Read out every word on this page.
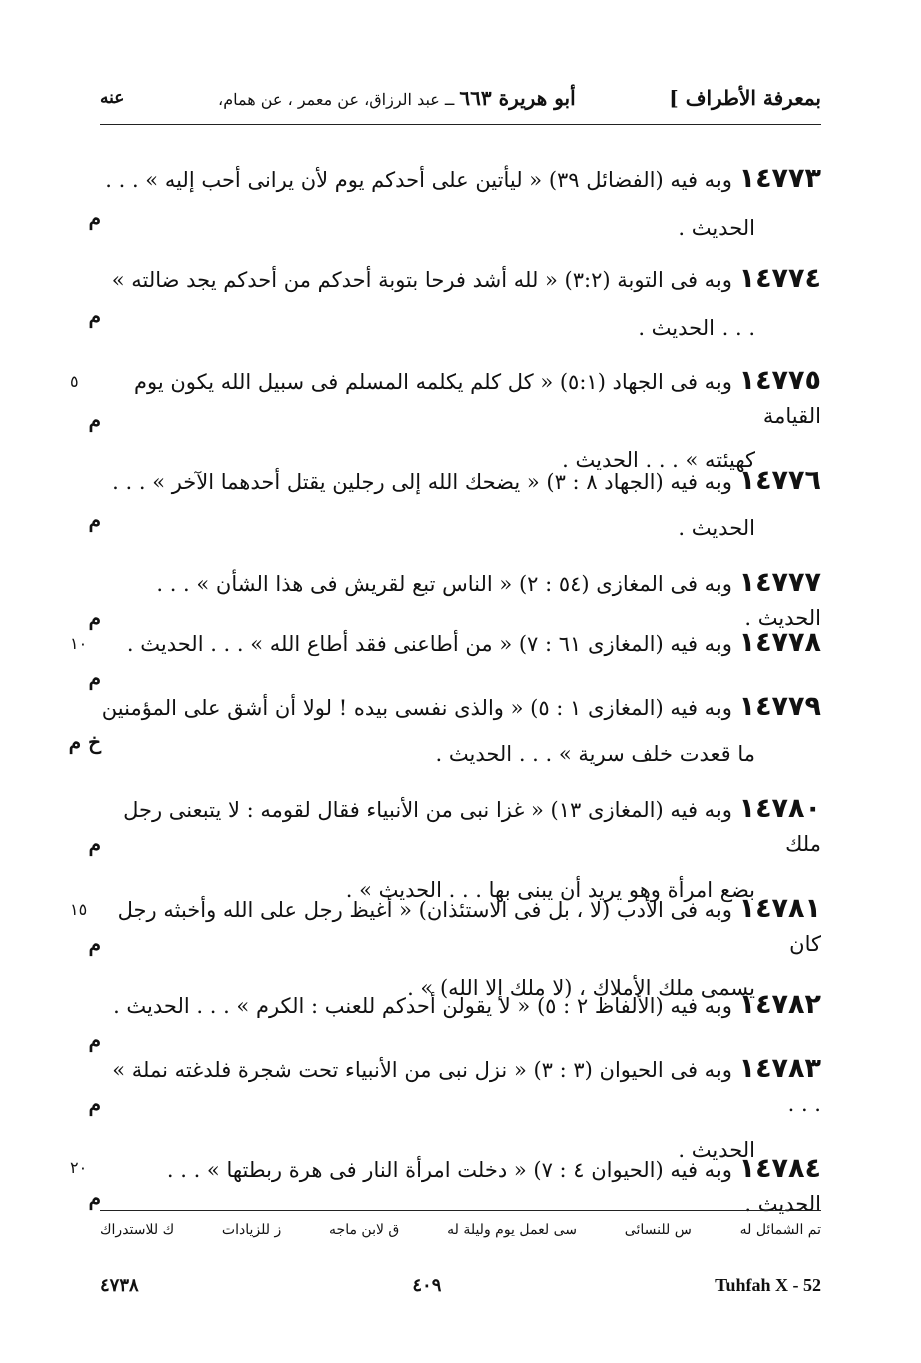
بمعرفة الأطراف ]
أبو هريرة ٦٦٣ ــ عبد الرزاق، عن معمر ، عن همام،
عنه
١٤٧٧٣ وبه فيه (الفضائل ٣٩) « ليأتين على أحدكم يوم لأن يرانى أحب إليه » . . .
الحديث .
م
١٤٧٧٤ وبه فى التوبة (٣:٢) « لله أشد فرحا بتوبة أحدكم من أحدكم يجد ضالته »
. . . الحديث .
م
١٤٧٧٥ وبه فى الجهاد (٥:١) « كل كلم يكلمه المسلم فى سبيل الله يكون يوم القيامة
كهيئته » . . . الحديث .
م
٥
١٤٧٧٦ وبه فيه (الجهاد ٨ : ٣) « يضحك الله إلى رجلين يقتل أحدهما الآخر » . . .
الحديث .
م
١٤٧٧٧ وبه فى المغازى (٥٤ : ٢) « الناس تبع لقريش فى هذا الشأن » . . . الحديث .
م
١٤٧٧٨ وبه فيه (المغازى ٦١ : ٧) « من أطاعنى فقد أطاع الله » . . . الحديث .
م
١٠
١٤٧٧٩ وبه فيه (المغازى ١ : ٥) « والذى نفسى بيده ! لولا أن أشق على المؤمنين
ما قعدت خلف سرية » . . . الحديث .
خ م
١٤٧٨٠ وبه فيه (المغازى ١٣) « غزا نبى من الأنبياء فقال لقومه : لا يتبعنى رجل ملك
بضع امرأة وهو يريد أن يبنى بها . . . الحديث » .
م
١٤٧٨١ وبه فى الأدب (لا ، بل فى الاستئذان) « أغيظ رجل على الله وأخبثه رجل كان
يسمى ملك الأملاك ، (لا ملك إلا الله) » .
م
١٥
١٤٧٨٢ وبه فيه (الألفاظ ٢ : ٥) « لا يقولن أحدكم للعنب : الكرم » . . . الحديث .
م
١٤٧٨٣ وبه فى الحيوان (٣ : ٣) « نزل نبى من الأنبياء تحت شجرة فلدغته نملة » . . .
الحديث .
م
١٤٧٨٤ وبه فيه (الحيوان ٤ : ٧) « دخلت امرأة النار فى هرة ربطتها » . . . الحديث .
م
٢٠
تم الشمائل له
س للنسائى
سى لعمل يوم وليلة له
ق لابن ماجه
ز للزيادات
ك للاستدراك
٤٧٣٨	٤٠٩	Tuhfah X - 52
